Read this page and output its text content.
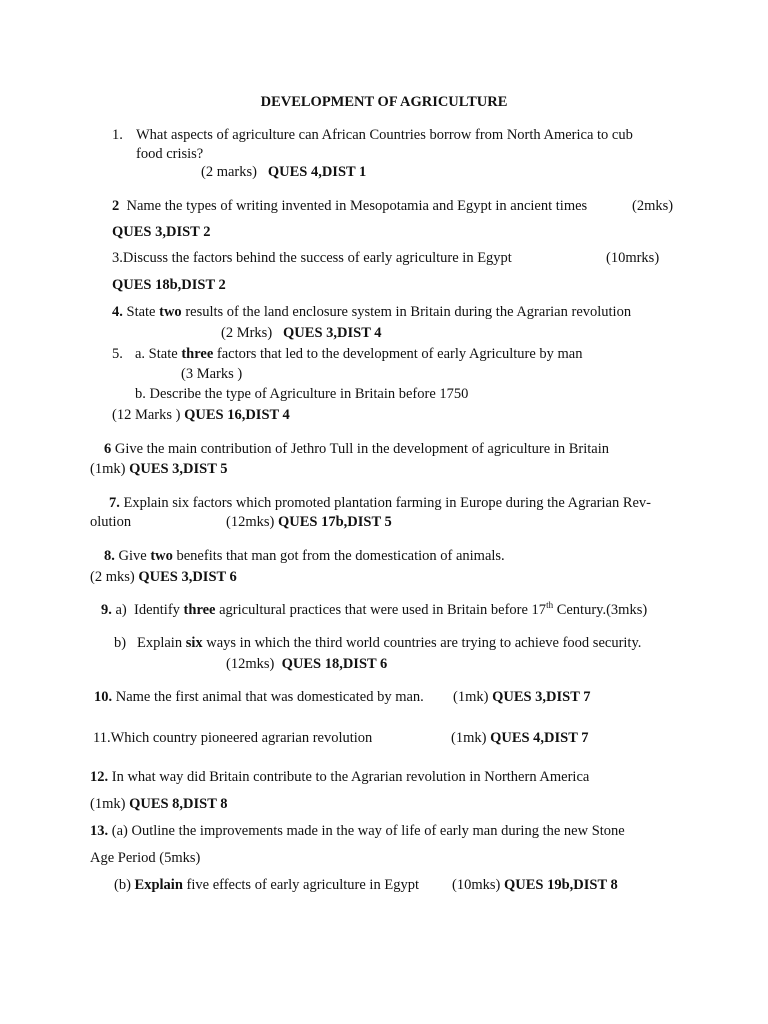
DEVELOPMENT OF AGRICULTURE
1. What aspects of agriculture can African Countries borrow from North America to cub
food crisis?
(2 marks) QUES 4,DIST 1
2 Name the types of writing invented in Mesopotamia and Egypt in ancient times	(2mks)
QUES 3,DIST 2
3.Discuss the factors behind the success of early agriculture in Egypt	(10mrks)
QUES 18b,DIST 2
4. State two results of the land enclosure system in Britain during the Agrarian revolution
(2 Mrks) QUES 3,DIST 4
5. a. State three factors that led to the development of early Agriculture by man
(3 Marks )
b. Describe the type of Agriculture in Britain before 1750
(12 Marks ) QUES 16,DIST 4
6 Give the main contribution of Jethro Tull in the development of agriculture in Britain
(1mk) QUES 3,DIST 5
7. Explain six factors which promoted plantation farming in Europe during the Agrarian Rev-
olution	(12mks) QUES 17b,DIST 5
8. Give two benefits that man got from the domestication of animals.
(2 mks) QUES 3,DIST 6
9. a) Identify three agricultural practices that were used in Britain before 17th Century.(3mks)
b) Explain six ways in which the third world countries are trying to achieve food security.
(12mks) QUES 18,DIST 6
10. Name the first animal that was domesticated by man. (1mk) QUES 3,DIST 7
11.Which country pioneered agrarian revolution	(1mk) QUES 4,DIST 7
12. In what way did Britain contribute to the Agrarian revolution in Northern America
(1mk) QUES 8,DIST 8
13. (a) Outline the improvements made in the way of life of early man during the new Stone
Age Period (5mks)
(b) Explain five effects of early agriculture in Egypt (10mks) QUES 19b,DIST 8
